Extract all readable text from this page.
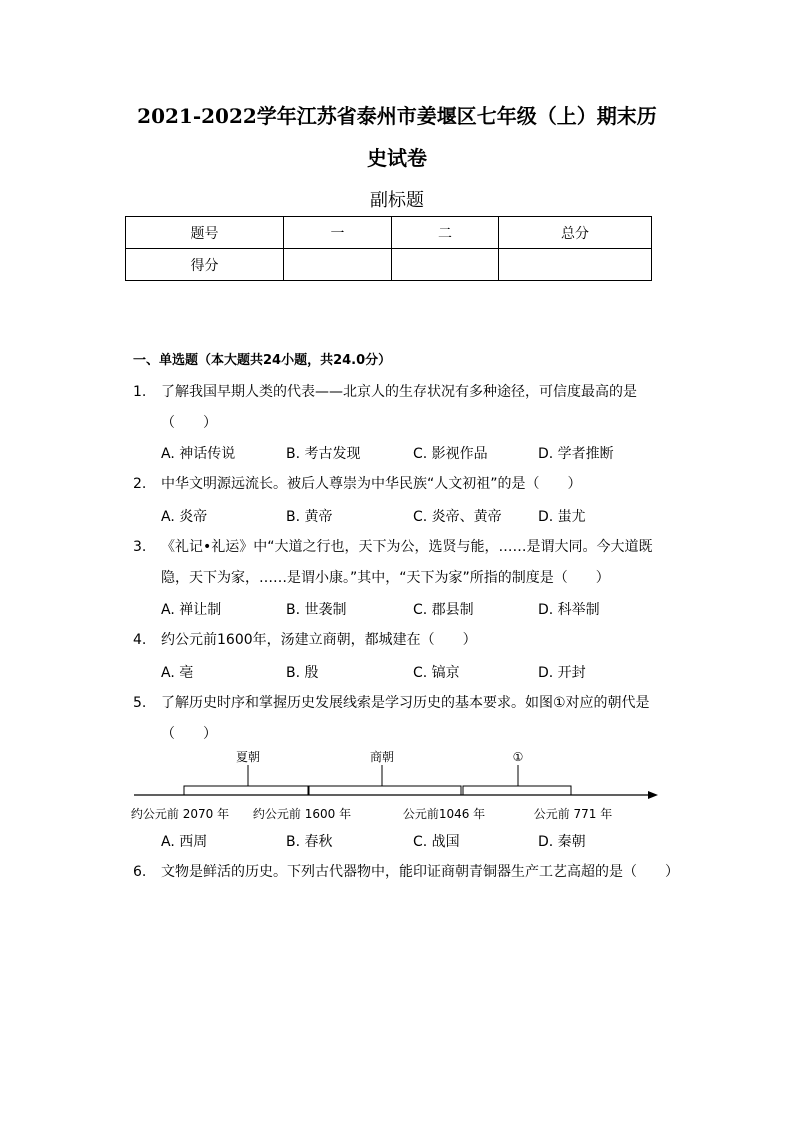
2021-2022学年江苏省泰州市姜堰区七年级（上）期末历
史试卷
副标题
题号	一	二	总分
得分			
一、单选题（本大题共24小题，共24.0分）
1.	了解我国早期人类的代表——北京人的生存状况有多种途径，可信度最高的是
（　　）
A. 神话传说	B. 考古发现	C. 影视作品	D. 学者推断
2.	中华文明源远流长。被后人尊崇为中华民族“人文初祖”的是（　　）
A. 炎帝	B. 黄帝	C. 炎帝、黄帝	D. 蚩尤
3.	《礼记•礼运》中“大道之行也，天下为公，选贤与能，……是谓大同。今大道既
隐，天下为家，……是谓小康。”其中，“天下为家”所指的制度是（　　）
A. 禅让制	B. 世袭制	C. 郡县制	D. 科举制
4.	约公元前1600年，汤建立商朝，都城建在（　　）
A. 亳	B. 殷	C. 镐京	D. 开封
5.	了解历史时序和掌握历史发展线索是学习历史的基本要求。如图①对应的朝代是
（　　）
夏朝	商朝	①
约公元前 2070 年 约公元前 1600 年	公元前1046 年	公元前 771 年
A. 西周	B. 春秋	C. 战国	D. 秦朝
6.	文物是鲜活的历史。下列古代器物中，能印证商朝青铜器生产工艺高超的是（　　）
